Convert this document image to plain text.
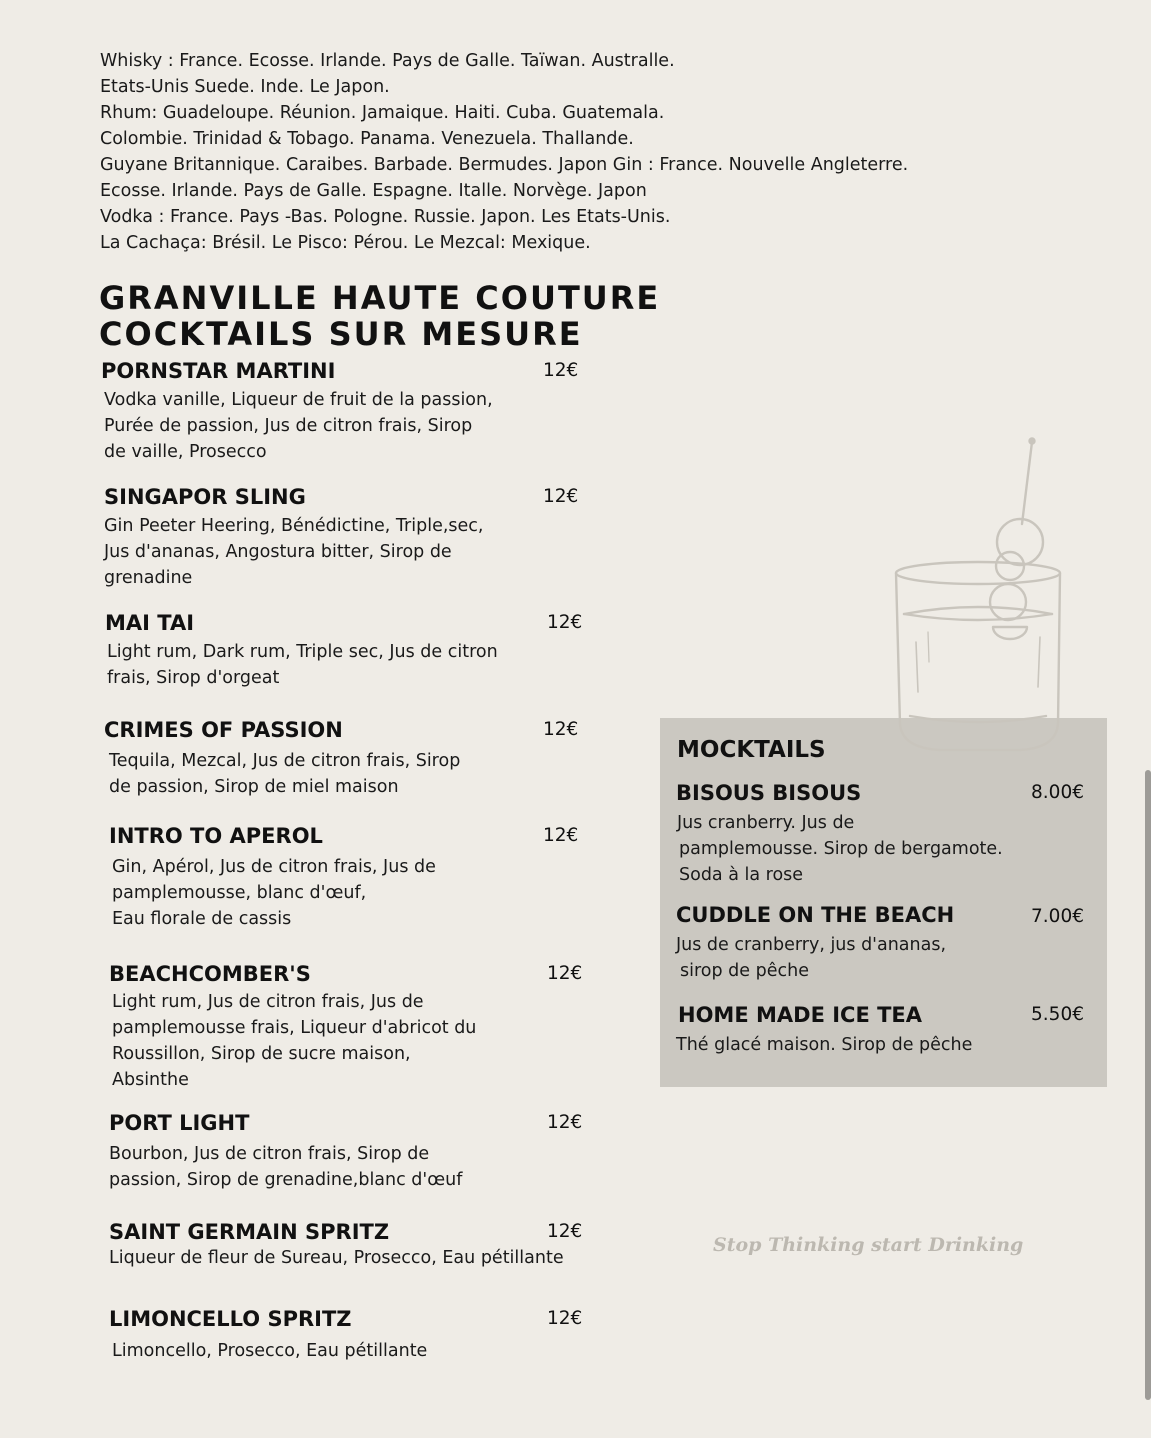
Whisky : France. Ecosse. Irlande. Pays de Galle. Taïwan. Australle.
Etats-Unis Suede. Inde. Le Japon.
Rhum: Guadeloupe. Réunion. Jamaique. Haiti. Cuba. Guatemala.
Colombie. Trinidad & Tobago. Panama. Venezuela. Thallande.
Guyane Britannique. Caraibes. Barbade. Bermudes. Japon Gin : France. Nouvelle Angleterre.
Ecosse. Irlande. Pays de Galle. Espagne. Italle. Norvège. Japon
Vodka : France. Pays -Bas. Pologne. Russie. Japon. Les Etats-Unis.
La Cachaça: Brésil. Le Pisco: Pérou. Le Mezcal: Mexique.
GRANVILLE HAUTE COUTURE
COCKTAILS SUR MESURE
PORNSTAR MARTINI	12€
Vodka vanille, Liqueur de fruit de la passion,
Purée de passion, Jus de citron frais, Sirop
de vaille, Prosecco
SINGAPOR SLING	12€
Gin Peeter Heering, Bénédictine, Triple,sec,
Jus d'ananas, Angostura bitter, Sirop de
grenadine
MAI TAI	12€
Light rum, Dark rum, Triple sec, Jus de citron
frais, Sirop d'orgeat
CRIMES OF PASSION	12€
Tequila, Mezcal, Jus de citron frais, Sirop
de passion, Sirop de miel maison
INTRO TO APEROL	12€
Gin, Apérol, Jus de citron frais, Jus de
pamplemousse, blanc d'œuf,
Eau florale de cassis
BEACHCOMBER'S	12€
Light rum, Jus de citron frais, Jus de
pamplemousse frais, Liqueur d'abricot du
Roussillon, Sirop de sucre maison,
Absinthe
PORT LIGHT	12€
Bourbon, Jus de citron frais, Sirop de
passion, Sirop de grenadine,blanc d'œuf
SAINT GERMAIN SPRITZ	12€
Liqueur de fleur de Sureau, Prosecco, Eau pétillante
LIMONCELLO SPRITZ	12€
Limoncello, Prosecco, Eau pétillante
MOCKTAILS
BISOUS BISOUS	8.00€
Jus cranberry. Jus de
pamplemousse. Sirop de bergamote.
Soda à la rose
CUDDLE ON THE BEACH	7.00€
Jus de cranberry, jus d'ananas,
sirop de pêche
HOME MADE ICE TEA	5.50€
Thé glacé maison. Sirop de pêche
Stop Thinking start Drinking
